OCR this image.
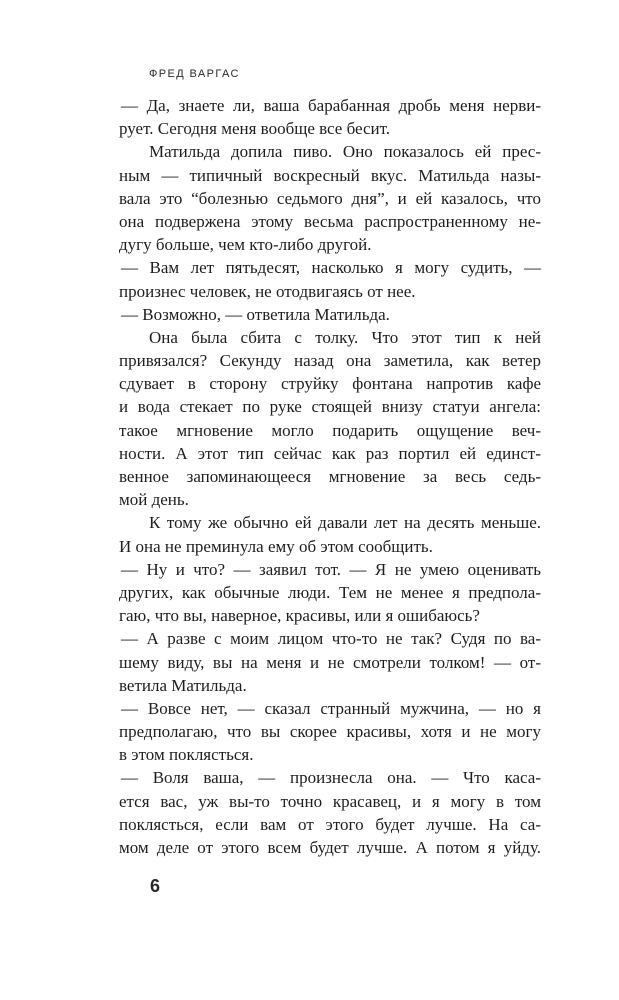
ФРЕД ВАРГАС
— Да, знаете ли, ваша барабанная дробь меня нерви-
рует. Сегодня меня вообще все бесит.
Матильда допила пиво. Оно показалось ей прес-
ным — типичный воскресный вкус. Матильда назы-
вала это “болезнью седьмого дня”, и ей казалось, что
она подвержена этому весьма распространенному не-
дугу больше, чем кто-либо другой.
— Вам лет пятьдесят, насколько я могу судить, —
произнес человек, не отодвигаясь от нее.
— Возможно, — ответила Матильда.
Она была сбита с толку. Что этот тип к ней
привязался? Секунду назад она заметила, как ветер
сдувает в сторону струйку фонтана напротив кафе
и вода стекает по руке стоящей внизу статуи ангела:
такое мгновение могло подарить ощущение веч-
ности. А этот тип сейчас как раз портил ей единст-
венное запоминающееся мгновение за весь седь-
мой день.
К тому же обычно ей давали лет на десять меньше.
И она не преминула ему об этом сообщить.
— Ну и что? — заявил тот. — Я не умею оценивать
других, как обычные люди. Тем не менее я предпола-
гаю, что вы, наверное, красивы, или я ошибаюсь?
— А разве с моим лицом что-то не так? Судя по ва-
шему виду, вы на меня и не смотрели толком! — от-
ветила Матильда.
— Вовсе нет, — сказал странный мужчина, — но я
предполагаю, что вы скорее красивы, хотя и не могу
в этом поклясться.
— Воля ваша, — произнесла она. — Что каса-
ется вас, уж вы-то точно красавец, и я могу в том
поклясться, если вам от этого будет лучше. На са-
мом деле от этого всем будет лучше. А потом я уйду.
6
